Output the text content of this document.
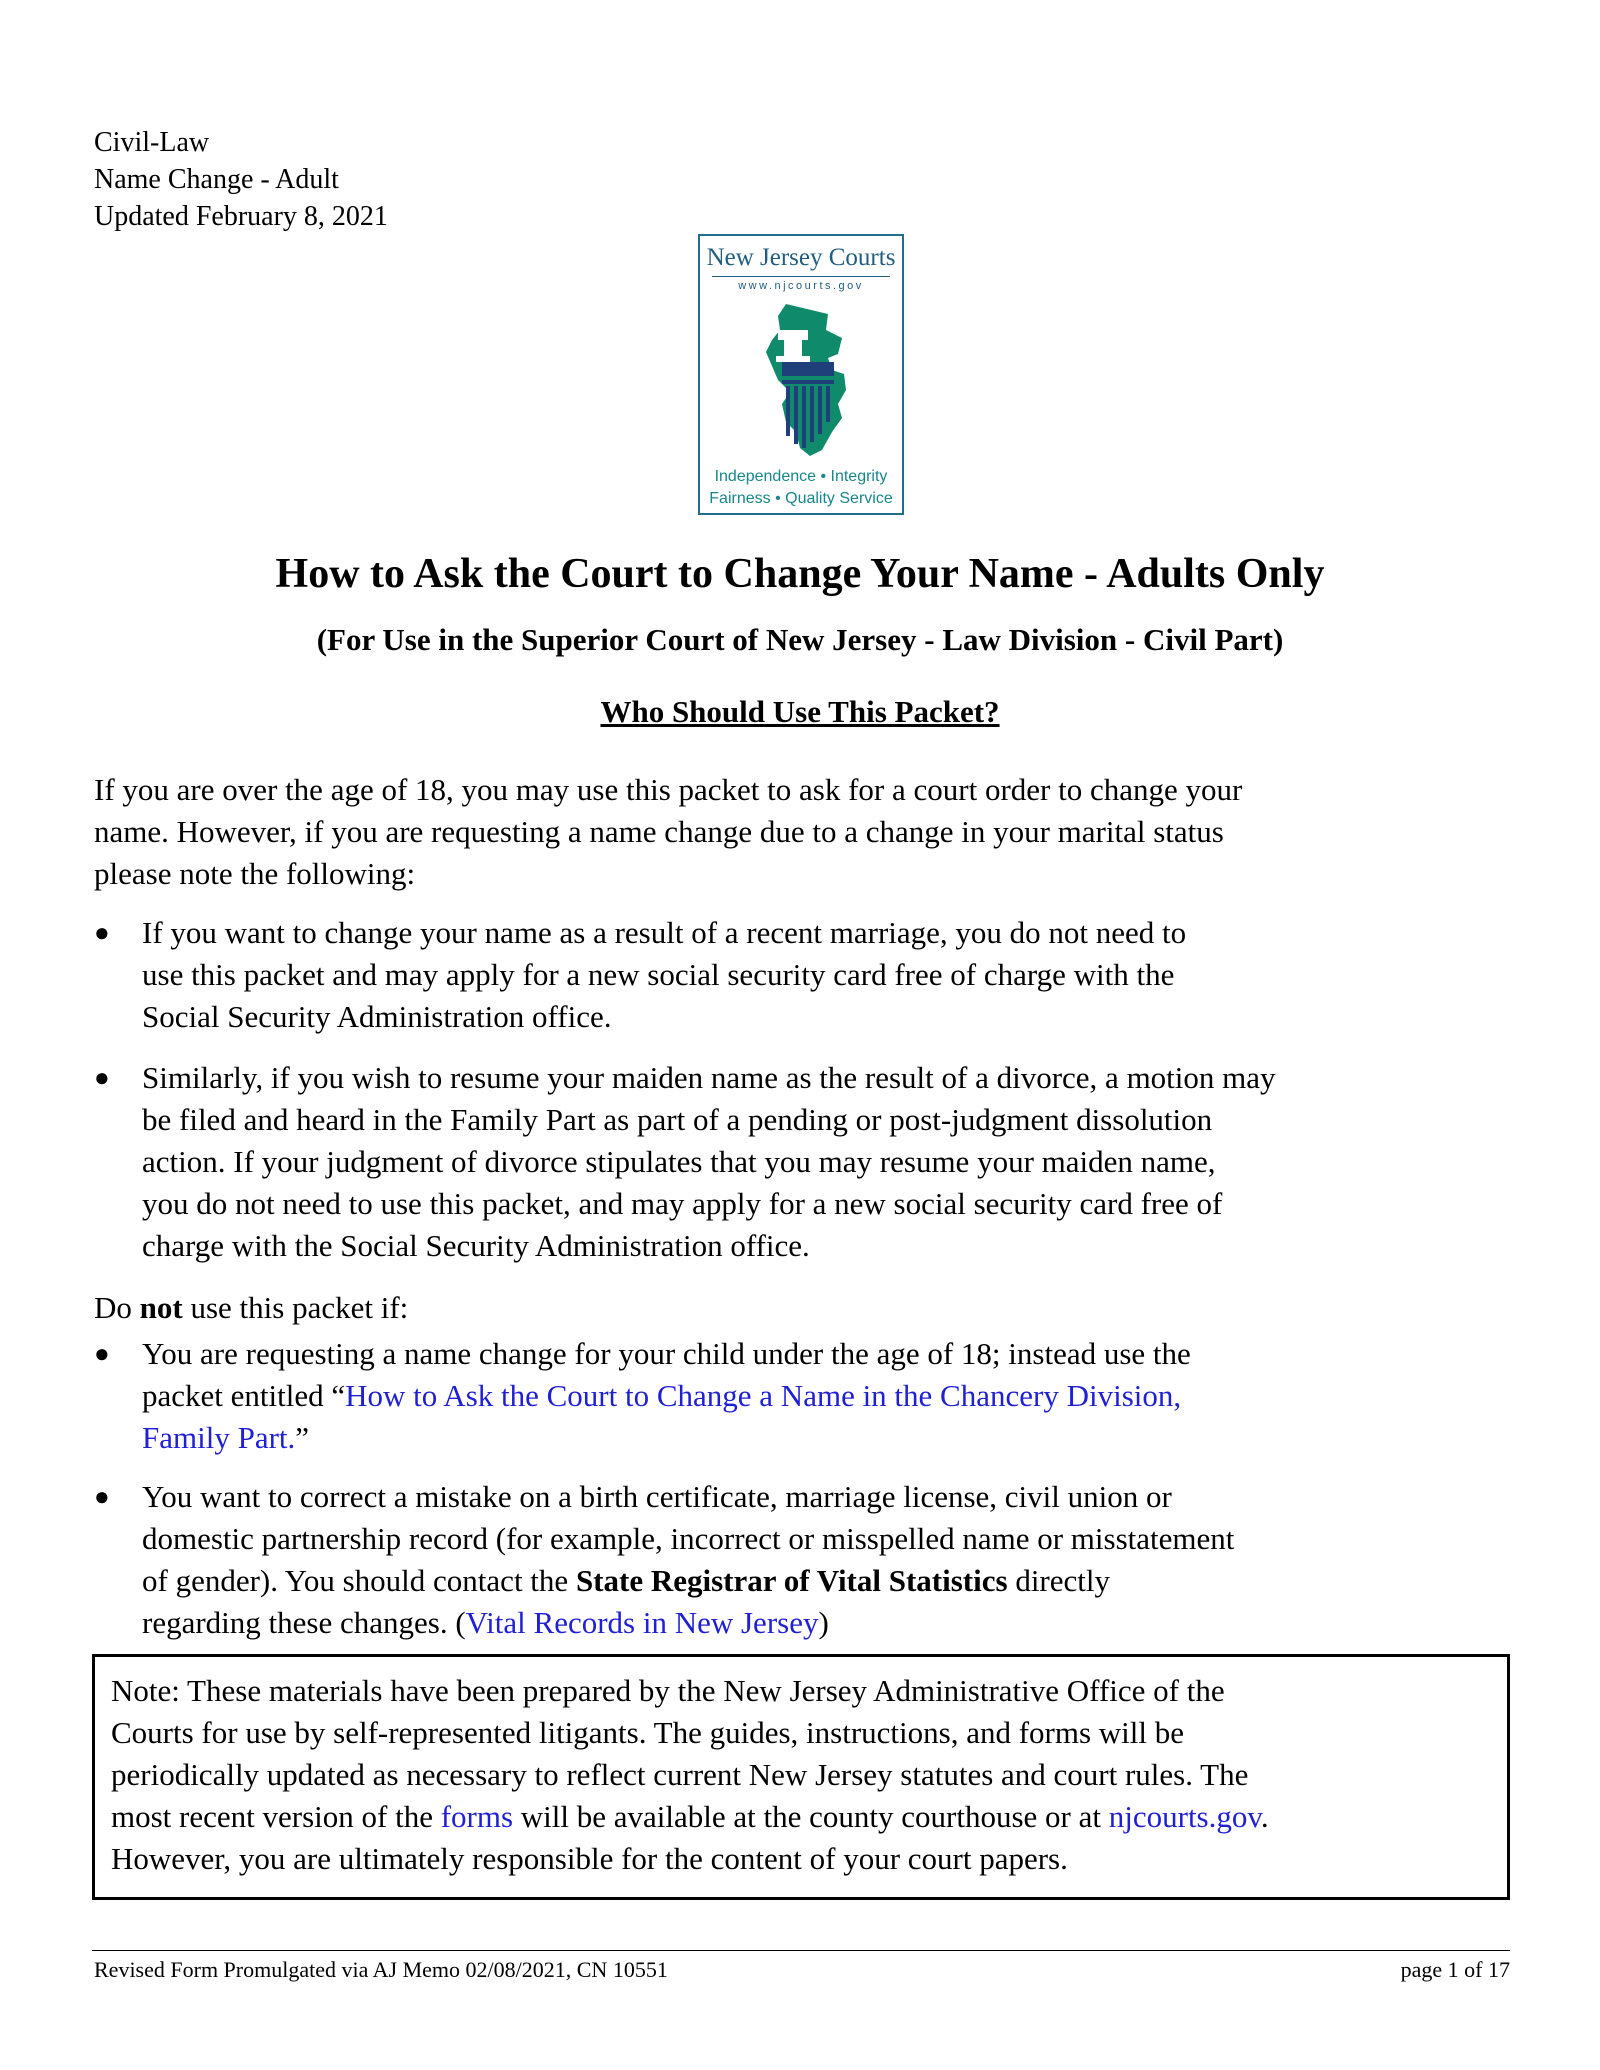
Civil-Law
Name Change - Adult
Updated February 8, 2021
New Jersey Courts
www.njcourts.gov
Independence • Integrity
Fairness • Quality Service
How to Ask the Court to Change Your Name - Adults Only
(For Use in the Superior Court of New Jersey - Law Division - Civil Part)
Who Should Use This Packet?
If you are over the age of 18, you may use this packet to ask for a court order to change your
name. However, if you are requesting a name change due to a change in your marital status
please note the following:
● If you want to change your name as a result of a recent marriage, you do not need to
use this packet and may apply for a new social security card free of charge with the
Social Security Administration office.
● Similarly, if you wish to resume your maiden name as the result of a divorce, a motion may
be filed and heard in the Family Part as part of a pending or post-judgment dissolution
action. If your judgment of divorce stipulates that you may resume your maiden name,
you do not need to use this packet, and may apply for a new social security card free of
charge with the Social Security Administration office.
Do not use this packet if:
● You are requesting a name change for your child under the age of 18; instead use the
packet entitled “How to Ask the Court to Change a Name in the Chancery Division,
Family Part.”
● You want to correct a mistake on a birth certificate, marriage license, civil union or
domestic partnership record (for example, incorrect or misspelled name or misstatement
of gender). You should contact the State Registrar of Vital Statistics directly
regarding these changes. (Vital Records in New Jersey)
Note: These materials have been prepared by the New Jersey Administrative Office of the
Courts for use by self-represented litigants. The guides, instructions, and forms will be
periodically updated as necessary to reflect current New Jersey statutes and court rules. The
most recent version of the forms will be available at the county courthouse or at njcourts.gov.
However, you are ultimately responsible for the content of your court papers.
Revised Form Promulgated via AJ Memo 02/08/2021, CN 10551	page 1 of 17
